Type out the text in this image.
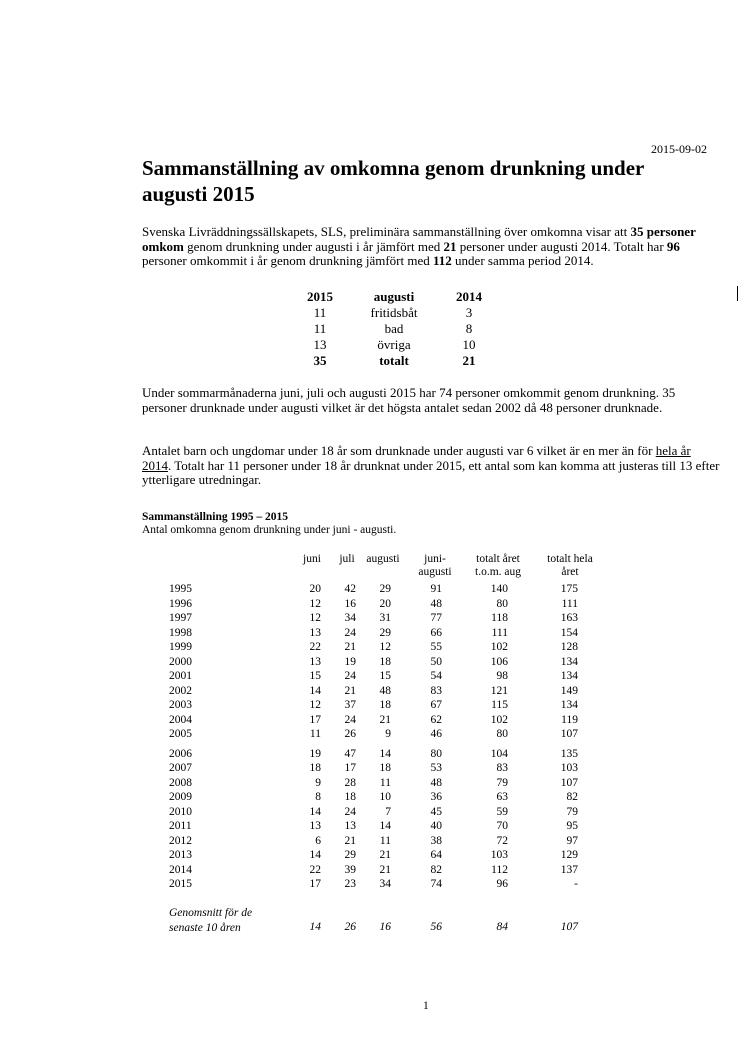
2015-09-02
Sammanställning av omkomna genom drunkning under augusti 2015

Svenska Livräddningssällskapets, SLS, preliminära sammanställning över omkomna visar att 35 personer omkom genom drunkning under augusti i år jämfört med 21 personer under augusti 2014. Totalt har 96 personer omkommit i år genom drunkning jämfört med 112 under samma period 2014.

2015	augusti	2014
11	fritidsbåt	3
11	bad	8
13	övriga	10
35	totalt	21

Under sommarmånaderna juni, juli och augusti 2015 har 74 personer omkommit genom drunkning. 35 personer drunknade under augusti vilket är det högsta antalet sedan 2002 då 48 personer drunknade.

Antalet barn och ungdomar under 18 år som drunknade under augusti var 6 vilket är en mer än för hela år 2014. Totalt har 11 personer under 18 år drunknat under 2015, ett antal som kan komma att justeras till 13 efter ytterligare utredningar.

Sammanställning 1995 – 2015
Antal omkomna genom drunkning under juni - augusti.
juni juli	augusti	juni-
augusti
totalt året
t.o.m. aug
totalt hela
året
1995	20 42 29	91	140	175
1996	12 16 20	48	80	111
1997	12 34 31	77	118	163
1998	13 24 29	66	111	154
1999	22 21 12	55	102	128
2000	13 19 18	50	106	134
2001	15 24 15	54	98	134
2002	14 21 48	83	121	149
2003	12 37 18	67	115	134
2004	17 24 21	62	102	119
2005	11 26	9	46	80	107
2006	19 47 14	80	104	135
2007	18 17 18	53	83	103
2008	9 28 11	48	79	107
2009	8 18 10	36	63	82
2010	14 24	7	45	59	79
2011	13 13 14	40	70	95
2012	6 21 11	38	72	97
2013	14 29 21	64	103	129
2014	22 39 21	82	112	137
2015	17 23 34	74	96	-
Genomsnitt för de
senaste 10 åren	14 26 16	56	84	107
1
